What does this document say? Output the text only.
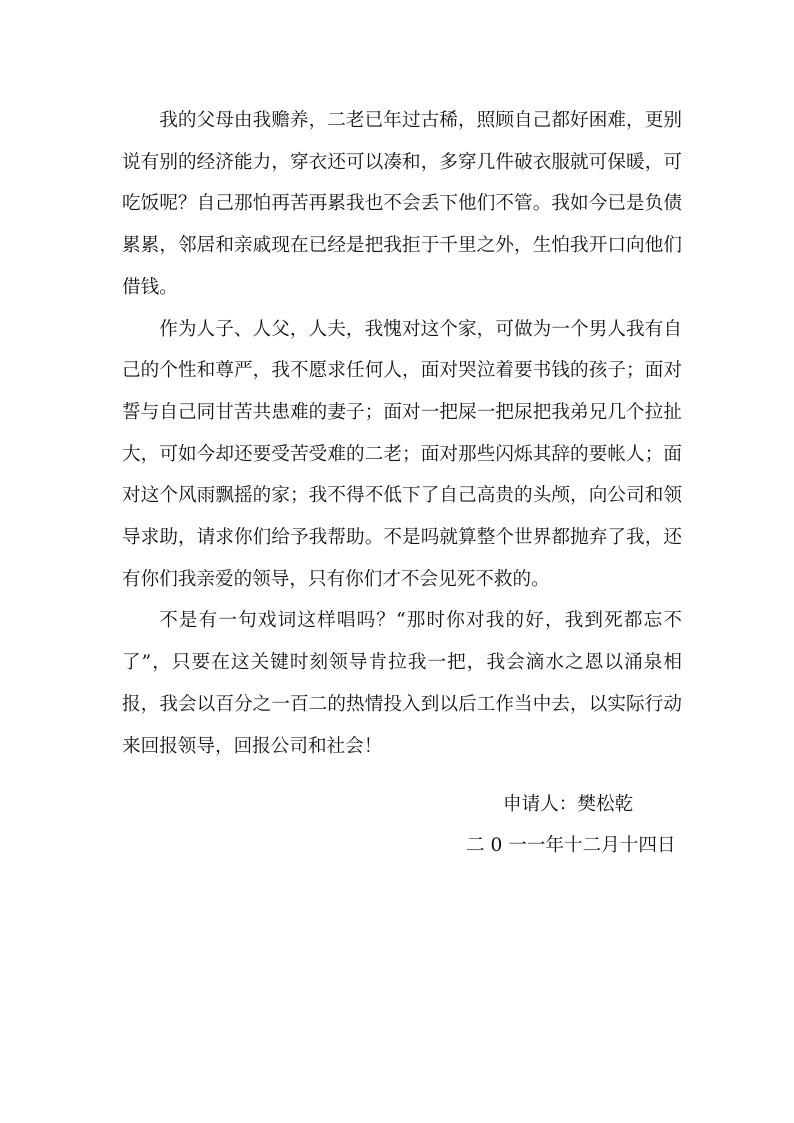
我的父母由我赡养，二老已年过古稀，照顾自己都好困难，更别说有别的经济能力，穿衣还可以凑和，多穿几件破衣服就可保暖，可吃饭呢？自己那怕再苦再累我也不会丢下他们不管。我如今已是负债累累，邻居和亲戚现在已经是把我拒于千里之外，生怕我开口向他们借钱。

作为人子、人父，人夫，我愧对这个家，可做为一个男人我有自己的个性和尊严，我不愿求任何人，面对哭泣着要书钱的孩子；面对誓与自己同甘苦共患难的妻子；面对一把屎一把尿把我弟兄几个拉扯大，可如今却还要受苦受难的二老；面对那些闪烁其辞的要帐人；面对这个风雨飘摇的家；我不得不低下了自己高贵的头颅，向公司和领导求助，请求你们给予我帮助。不是吗就算整个世界都抛弃了我，还有你们我亲爱的领导，只有你们才不会见死不救的。

不是有一句戏词这样唱吗？“那时你对我的好，我到死都忘不了”，只要在这关键时刻领导肯拉我一把，我会滴水之恩以涌泉相报，我会以百分之一百二的热情投入到以后工作当中去，以实际行动来回报领导，回报公司和社会！

申请人：樊松乾
二 0 一一年十二月十四日
